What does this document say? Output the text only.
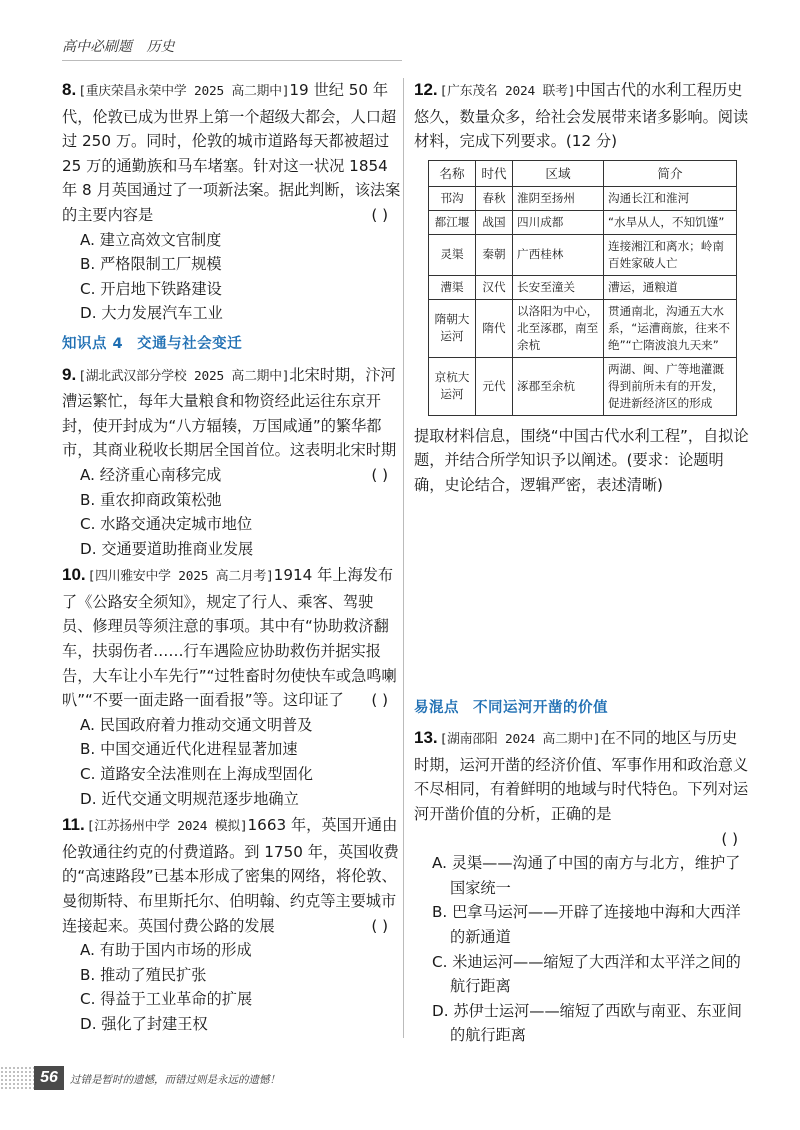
高中必刷题 历史
8. [重庆荣昌永荣中学 2025 高二期中]19 世纪 50 年代，伦敦已成为世界上第一个超级大都会，人口超过 250 万。同时，伦敦的城市道路每天都被超过 25 万的通勤族和马车堵塞。针对这一状况 1854 年 8 月英国通过了一项新法案。据此判断，该法案的主要内容是	( )
A. 建立高效文官制度
B. 严格限制工厂规模
C. 开启地下铁路建设
D. 大力发展汽车工业
知识点 4 交通与社会变迁
9. [湖北武汉部分学校 2025 高二期中]北宋时期，汴河漕运繁忙，每年大量粮食和物资经此运往东京开封，使开封成为“八方辐辏，万国咸通”的繁华都市，其商业税收长期居全国首位。这表明北宋时期
( )
A. 经济重心南移完成
B. 重农抑商政策松弛
C. 水路交通决定城市地位
D. 交通要道助推商业发展
10. [四川雅安中学 2025 高二月考]1914 年上海发布了《公路安全须知》，规定了行人、乘客、驾驶员、修理员等须注意的事项。其中有“协助救济翻车，扶弱伤者……行车遇险应协助救伤并据实报告，大车让小车先行”“过牲畜时勿使快车或急鸣喇叭”“不要一面走路一面看报”等。这印证了 ( )
A. 民国政府着力推动交通文明普及
B. 中国交通近代化进程显著加速
C. 道路安全法准则在上海成型固化
D. 近代交通文明规范逐步地确立
11. [江苏扬州中学 2024 模拟]1663 年，英国开通由伦敦通往约克的付费道路。到 1750 年，英国收费的“高速路段”已基本形成了密集的网络，将伦敦、曼彻斯特、布里斯托尔、伯明翰、约克等主要城市连接起来。英国付费公路的发展	( )
A. 有助于国内市场的形成
B. 推动了殖民扩张
C. 得益于工业革命的扩展
D. 强化了封建王权
12. [广东茂名 2024 联考]中国古代的水利工程历史悠久，数量众多，给社会发展带来诸多影响。阅读材料，完成下列要求。(12 分)
名称	时代	区域	简介
邗沟	春秋	淮阴至扬州	沟通长江和淮河
都江堰	战国	四川成都	“水旱从人，不知饥馑”
灵渠	秦朝	广西桂林	连接湘江和离水；岭南百姓家破人亡
漕渠	汉代	长安至潼关	漕运，通粮道
隋朝大运河	隋代	以洛阳为中心，北至涿郡，南至余杭	贯通南北，沟通五大水系，“运漕商旅，往来不绝”“亡隋波浪九天来”
京杭大运河	元代	涿郡至余杭	两湖、闽、广等地灌溉得到前所未有的开发，促进新经济区的形成
提取材料信息，围绕“中国古代水利工程”，自拟论题，并结合所学知识予以阐述。(要求：论题明确，史论结合，逻辑严密，表述清晰)
易混点 不同运河开凿的价值
13. [湖南邵阳 2024 高二期中]在不同的地区与历史时期，运河开凿的经济价值、军事作用和政治意义不尽相同，有着鲜明的地域与时代特色。下列对运河开凿价值的分析，正确的是
( )
A. 灵渠——沟通了中国的南方与北方，维护了国家统一
B. 巴拿马运河——开辟了连接地中海和大西洋的新通道
C. 米迪运河——缩短了大西洋和太平洋之间的航行距离
D. 苏伊士运河——缩短了西欧与南亚、东亚间的航行距离
56	过错是暂时的遗憾，而错过则是永远的遗憾！
